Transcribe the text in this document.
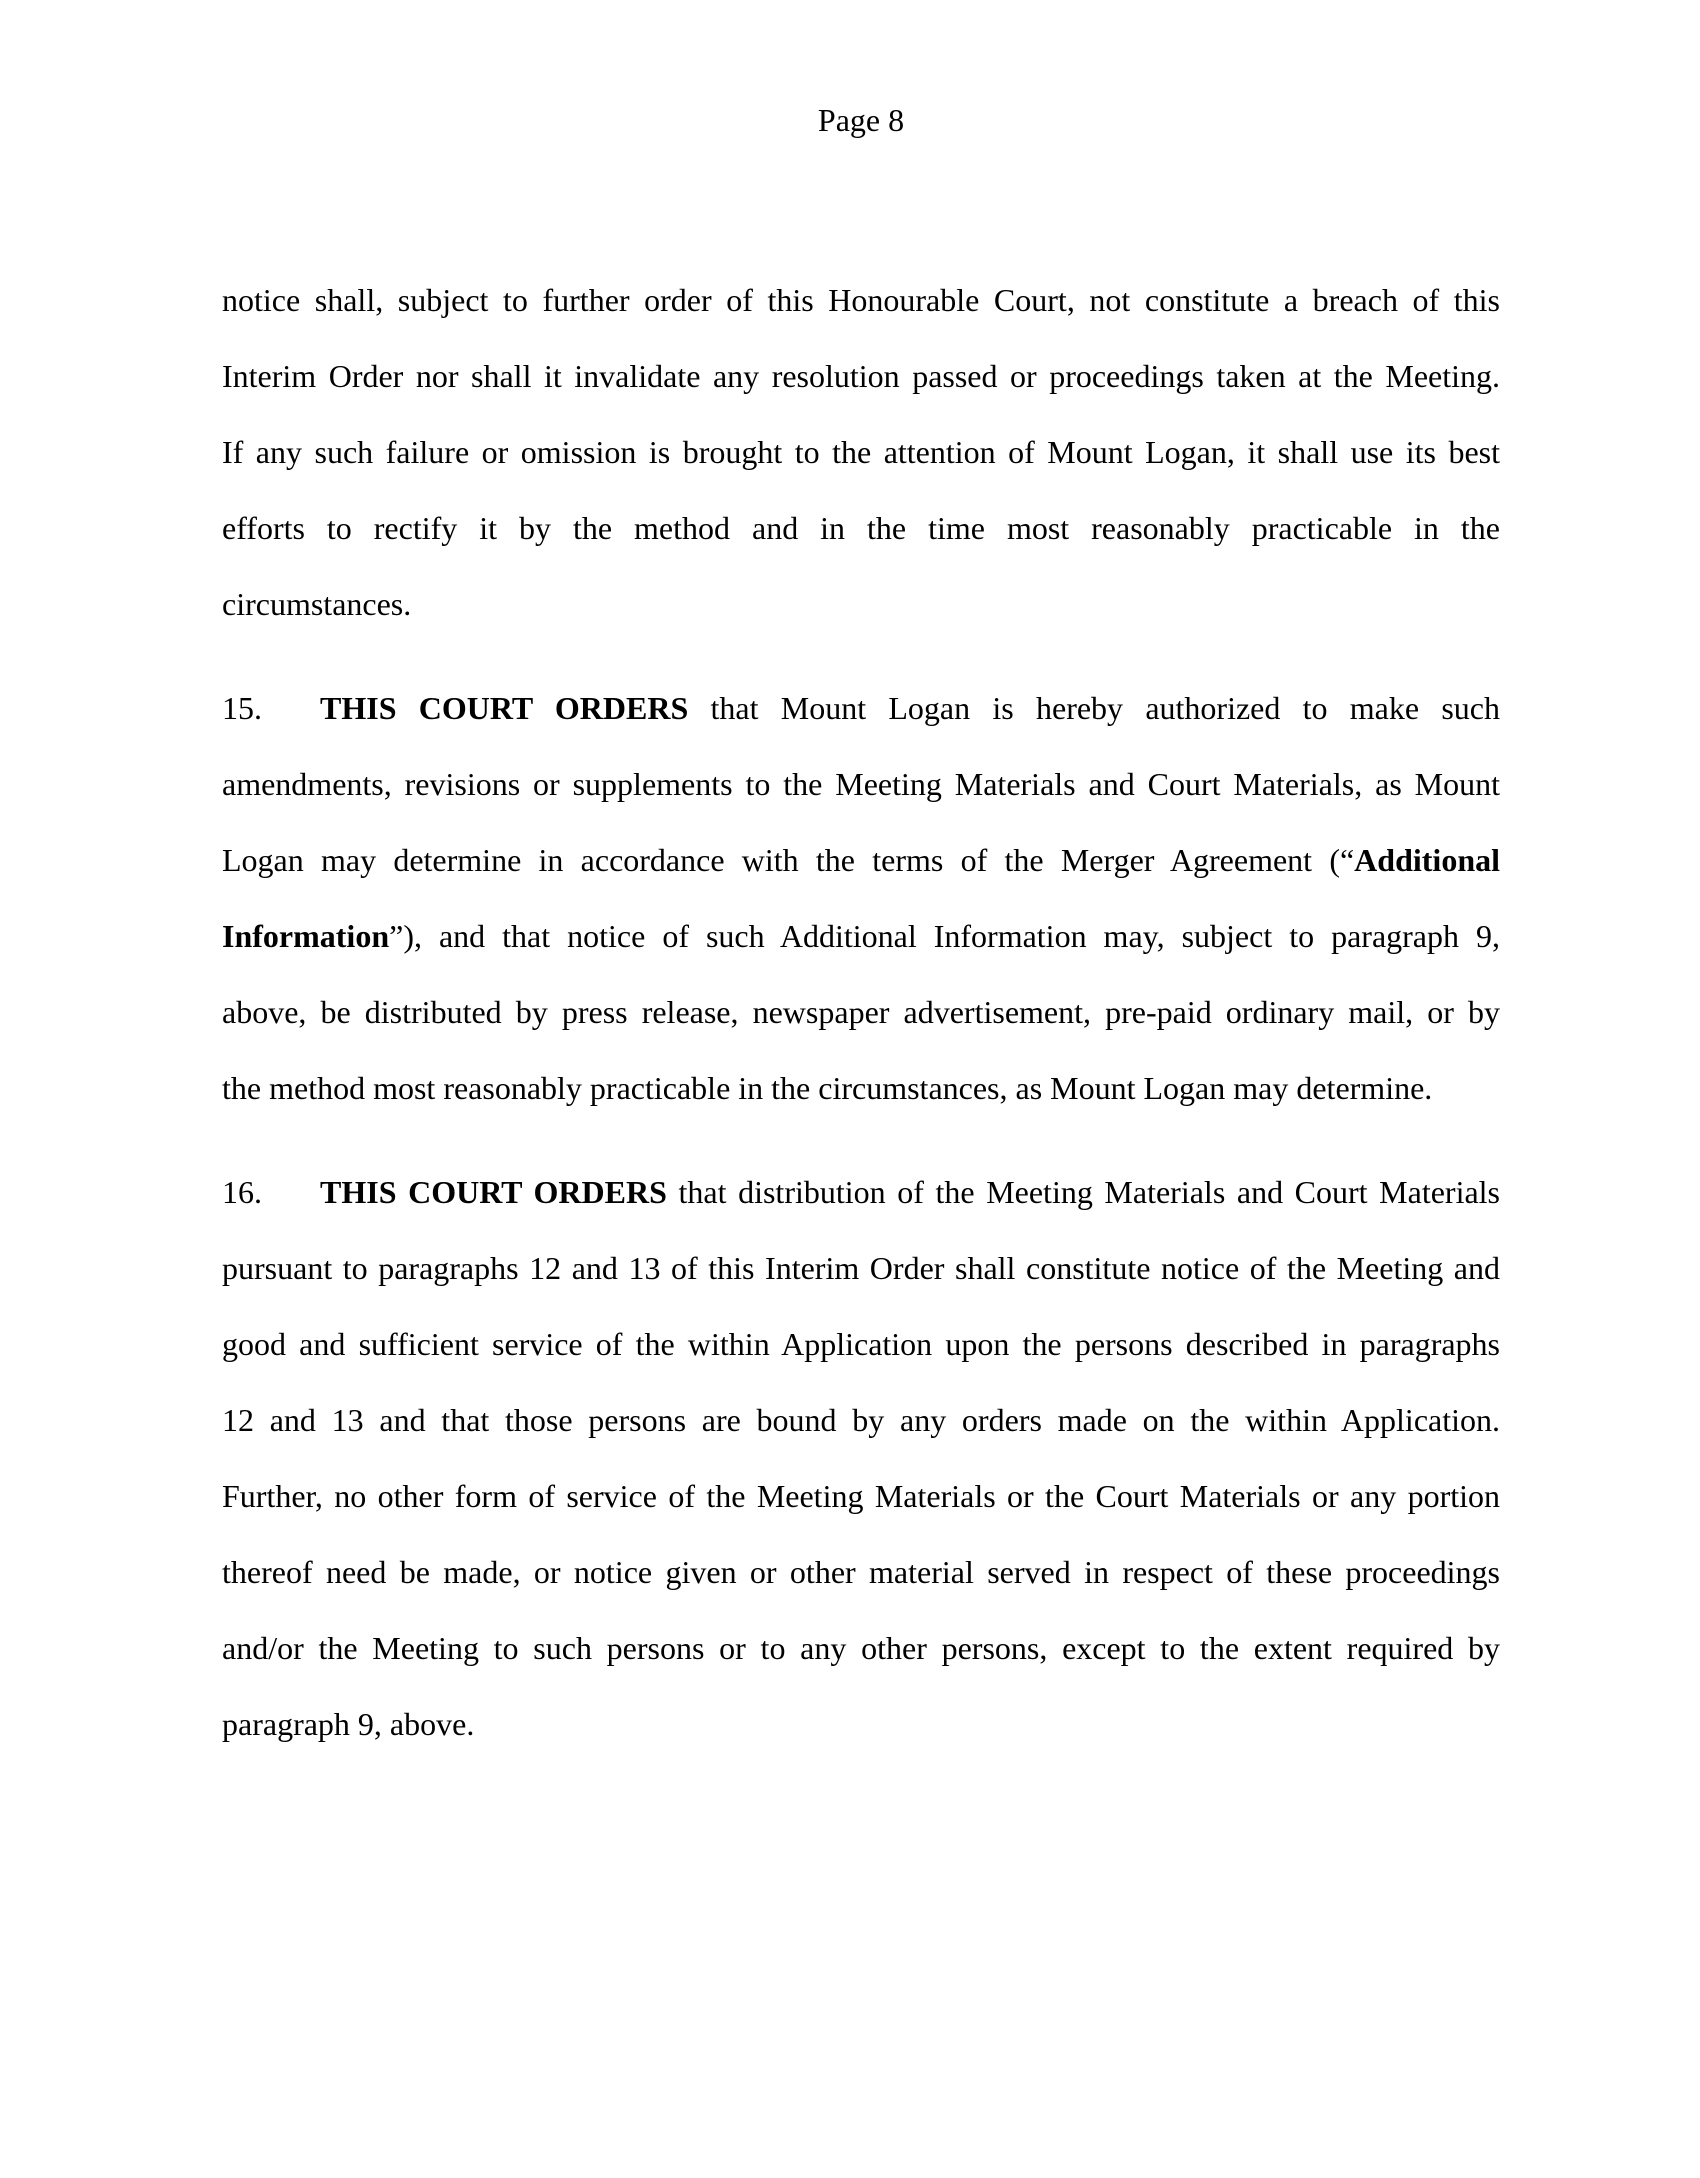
Page 8
notice shall, subject to further order of this Honourable Court, not constitute a breach of this
Interim Order nor shall it invalidate any resolution passed or proceedings taken at the Meeting.
If any such failure or omission is brought to the attention of Mount Logan, it shall use its best
efforts to rectify it by the method and in the time most reasonably practicable in the
circumstances.
15. THIS COURT ORDERS that Mount Logan is hereby authorized to make such
amendments, revisions or supplements to the Meeting Materials and Court Materials, as Mount
Logan may determine in accordance with the terms of the Merger Agreement (“Additional
Information”), and that notice of such Additional Information may, subject to paragraph 9,
above, be distributed by press release, newspaper advertisement, pre-paid ordinary mail, or by
the method most reasonably practicable in the circumstances, as Mount Logan may determine.
16. THIS COURT ORDERS that distribution of the Meeting Materials and Court Materials
pursuant to paragraphs 12 and 13 of this Interim Order shall constitute notice of the Meeting and
good and sufficient service of the within Application upon the persons described in paragraphs
12 and 13 and that those persons are bound by any orders made on the within Application.
Further, no other form of service of the Meeting Materials or the Court Materials or any portion
thereof need be made, or notice given or other material served in respect of these proceedings
and/or the Meeting to such persons or to any other persons, except to the extent required by
paragraph 9, above.
